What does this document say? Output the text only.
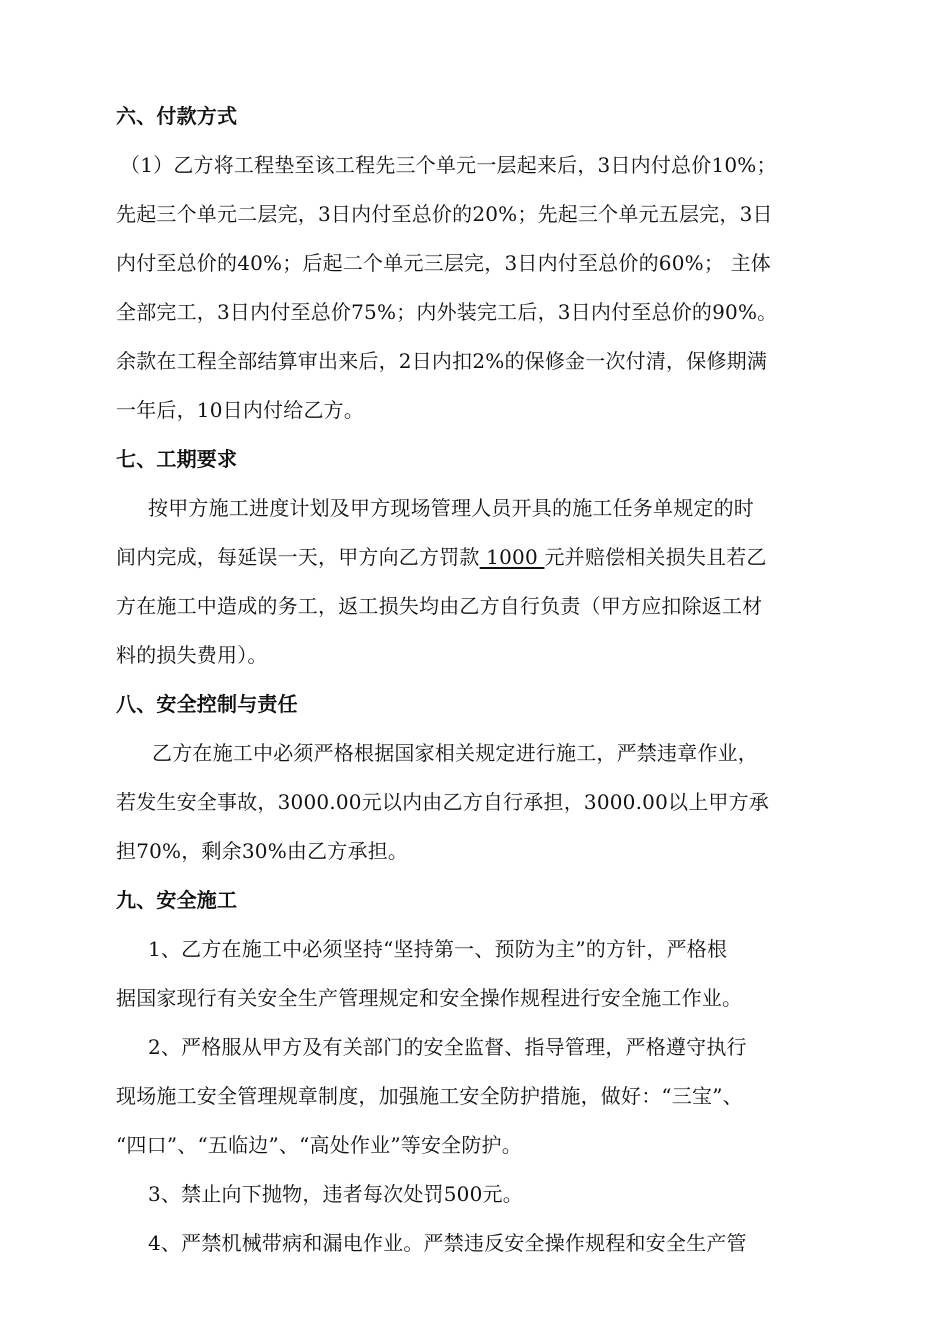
六、付款方式
（1）乙方将工程垫至该工程先三个单元一层起来后，3日内付总价10%；
先起三个单元二层完，3日内付至总价的20%；先起三个单元五层完，3日
内付至总价的40%；后起二个单元三层完，3日内付至总价的60%； 主体
全部完工，3日内付至总价75%；内外装完工后，3日内付至总价的90%。
余款在工程全部结算审出来后，2日内扣2%的保修金一次付清，保修期满
一年后，10日内付给乙方。
七、工期要求
按甲方施工进度计划及甲方现场管理人员开具的施工任务单规定的时
间内完成，每延误一天，甲方向乙方罚款 1000 元并赔偿相关损失且若乙
方在施工中造成的务工，返工损失均由乙方自行负责（甲方应扣除返工材
料的损失费用）。
八、安全控制与责任
乙方在施工中必须严格根据国家相关规定进行施工，严禁违章作业，
若发生安全事故，3000.00元以内由乙方自行承担，3000.00以上甲方承
担70%，剩余30%由乙方承担。
九、安全施工
1、乙方在施工中必须坚持“坚持第一、预防为主”的方针，严格根
据国家现行有关安全生产管理规定和安全操作规程进行安全施工作业。
2、严格服从甲方及有关部门的安全监督、指导管理，严格遵守执行
现场施工安全管理规章制度，加强施工安全防护措施，做好：“三宝”、
“四口”、“五临边”、“高处作业”等安全防护。
3、禁止向下抛物，违者每次处罚500元。
4、严禁机械带病和漏电作业。严禁违反安全操作规程和安全生产管
